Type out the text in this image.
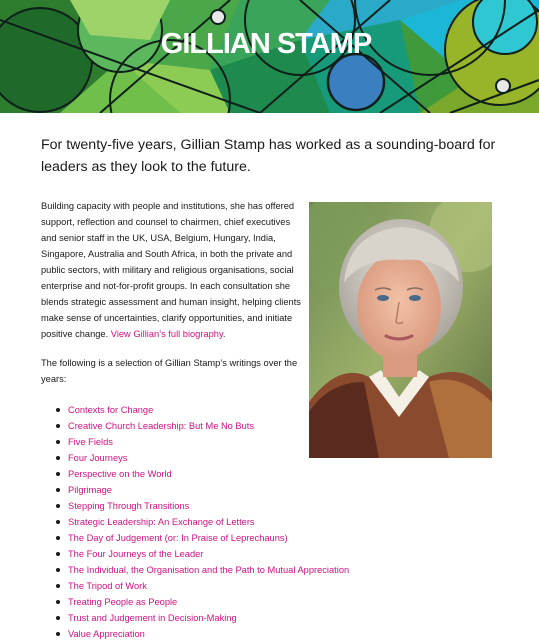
GILLIAN STAMP

For twenty-five years, Gillian Stamp has worked as a sounding-board for leaders as they look to the future.

Building capacity with people and institutions, she has offered support, reflection and counsel to chairmen, chief executives and senior staff in the UK, USA, Belgium, Hungary, India, Singapore, Australia and South Africa, in both the private and public sectors, with military and religious organisations, social enterprise and not-for-profit groups. In each consultation she blends strategic assessment and human insight, helping clients make sense of uncertainties, clarify opportunities, and initiate positive change. View Gillian’s full biography.

The following is a selection of Gillian Stamp’s writings over the years:

Contexts for Change
Creative Church Leadership: But Me No Buts
Five Fields
Four Journeys
Perspective on the World
Pilgrimage
Stepping Through Transitions
Strategic Leadership: An Exchange of Letters
The Day of Judgement (or: In Praise of Leprechauns)
The Four Journeys of the Leader
The Individual, the Organisation and the Path to Mutual Appreciation
The Tripod of Work
Treating People as People
Trust and Judgement in Decision-Making
Value Appreciation
